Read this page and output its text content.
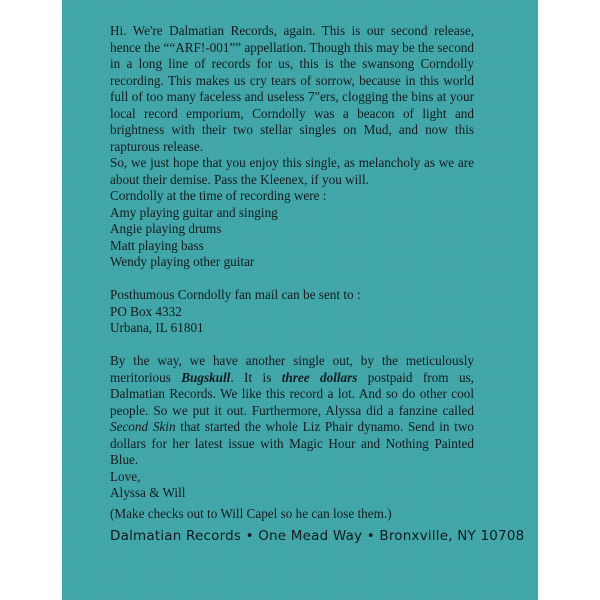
Hi. We're Dalmatian Records, again. This is our second release, hence the ““ARF!-001”” appellation. Though this may be the second in a long line of records for us, this is the swansong Corndolly recording. This makes us cry tears of sorrow, because in this world full of too many faceless and useless 7"ers, clogging the bins at your local record emporium, Corndolly was a beacon of light and brightness with their two stellar singles on Mud, and now this rapturous release.

So, we just hope that you enjoy this single, as melancholy as we are about their demise. Pass the Kleenex, if you will.

Corndolly at the time of recording were :
Amy playing guitar and singing
Angie playing drums
Matt playing bass
Wendy playing other guitar
Posthumous Corndolly fan mail can be sent to :
PO Box 4332
Urbana, IL 61801

By the way, we have another single out, by the meticulously meritorious Bugskull. It is three dollars postpaid from us, Dalmatian Records. We like this record a lot. And so do other cool people. So we put it out. Furthermore, Alyssa did a fanzine called Second Skin that started the whole Liz Phair dynamo. Send in two dollars for her latest issue with Magic Hour and Nothing Painted Blue.

Love,
Alyssa & Will
(Make checks out to Will Capel so he can lose them.)
Dalmatian Records • One Mead Way • Bronxville, NY 10708
